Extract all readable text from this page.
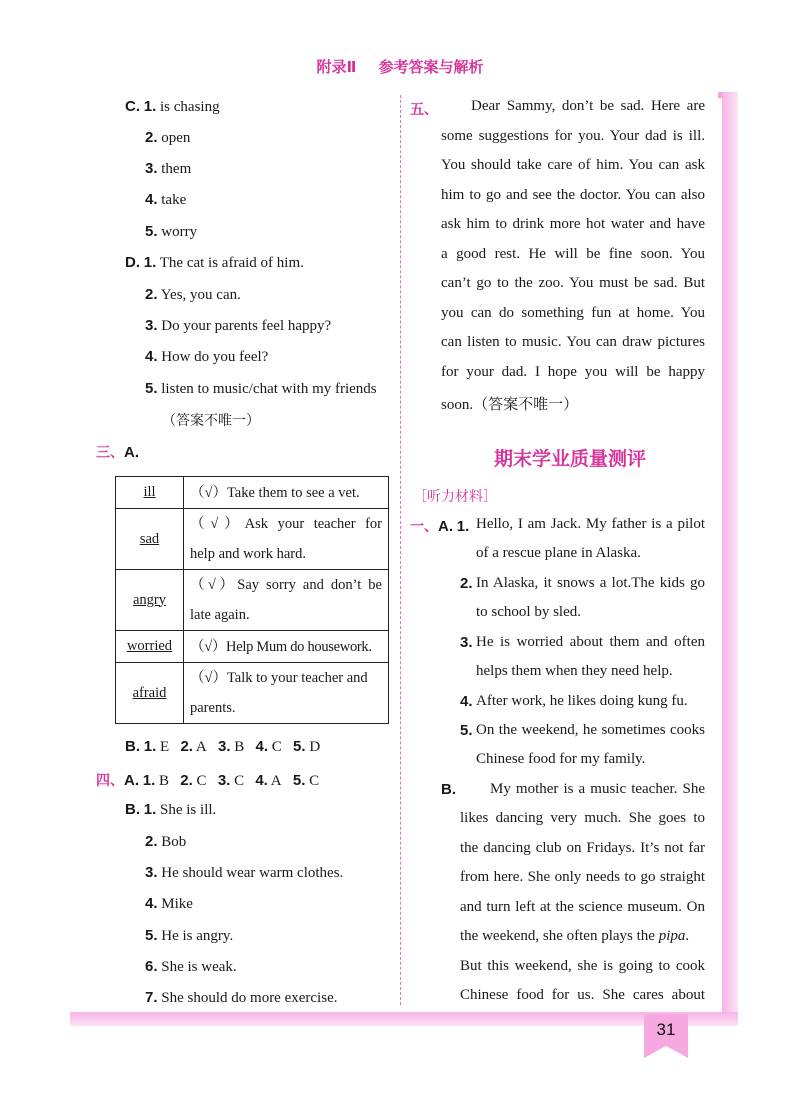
附录Ⅱ 参考答案与解析
C. 1. is chasing
2. open
3. them
4. take
5. worry
D. 1. The cat is afraid of him.
2. Yes, you can.
3. Do your parents feel happy?
4. How do you feel?
5. listen to music/chat with my friends
（答案不唯一）
三、A.
ill	（√）Take them to see a vet.

sad	（√）Ask your teacher for
help and work hard.

angry	（√）Say sorry and don’t be
late again.

worried	（√）Help Mum do housework.

afraid	（√）Talk to your teacher and
parents.
B. 1. E 2. A 3. B 4. C 5. D
四、A. 1. B 2. C 3. C 4. A 5. C
B. 1. She is ill.
2. Bob
3. He should wear warm clothes.
4. Mike
5. He is angry.
6. She is weak.
7. She should do more exercise.
五、	Dear Sammy, don’t be sad. Here are
some suggestions for you. Your dad is ill.
You should take care of him. You can ask
him to go and see the doctor. You can also
ask him to drink more hot water and have
a good rest. He will be fine soon. You
can’t go to the zoo. You must be sad. But
you can do something fun at home. You
can listen to music. You can draw pictures
for your dad. I hope you will be happy
soon.（答案不唯一）
期末学业质量测评
［听力材料］
一、A. 1. Hello, I am Jack. My father is a pilot
of a rescue plane in Alaska.
2. In Alaska, it snows a lot.The kids go
to school by sled.
3. He is worried about them and often
helps them when they need help.
4. After work, he likes doing kung fu.
5. On the weekend, he sometimes cooks
Chinese food for my family.
B. My mother is a music teacher. She
likes dancing very much. She goes to
the dancing club on Fridays. It’s not far
from here. She only needs to go straight
and turn left at the science museum. On
the weekend, she often plays the pipa.
But this weekend, she is going to cook
Chinese food for us. She cares about
31
